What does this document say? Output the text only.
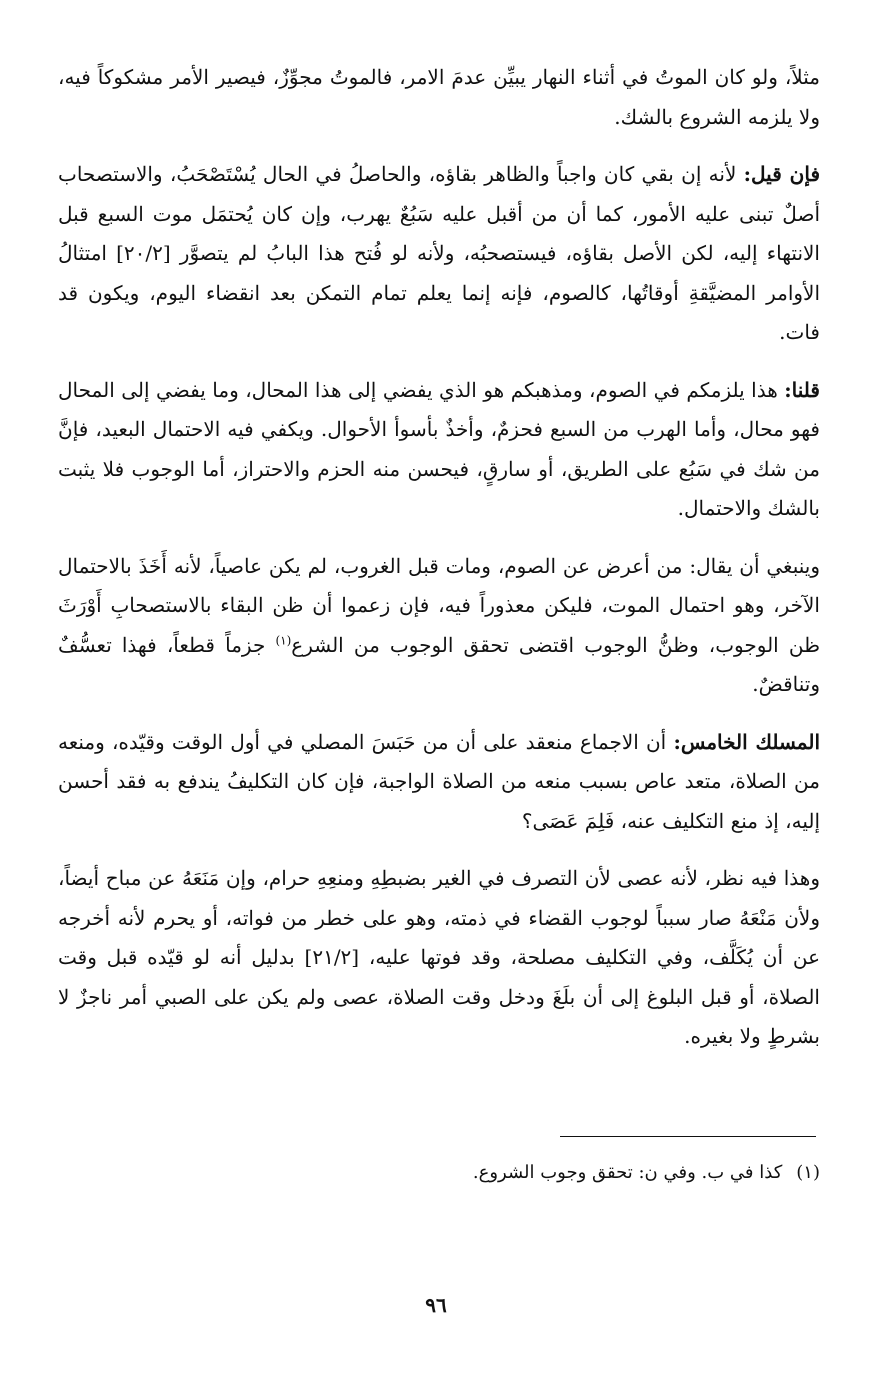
مثلاً، ولو كان الموتُ في أثناء النهار يبيِّن عدمَ الامر، فالموتُ مجوِّزٌ، فيصير الأمر مشكوكاً فيه، ولا يلزمه الشروع بالشك.

فإن قيل: لأنه إن بقي كان واجباً والظاهر بقاؤه، والحاصلُ في الحال يُسْتَصْحَبُ، والاستصحاب أصلٌ تبنى عليه الأمور، كما أن من أقبل عليه سَبُعٌ يهرب، وإن كان يُحتمَل موت السبع قبل الانتهاء إليه، لكن الأصل بقاؤه، فيستصحبُه، ولأنه لو فُتح هذا البابُ لم يتصوَّر [٢٠/٢] امتثالُ الأوامر المضيَّقةِ أوقاتُها، كالصوم، فإنه إنما يعلم تمام التمكن بعد انقضاء اليوم، ويكون قد فات.

قلنا: هذا يلزمكم في الصوم، ومذهبكم هو الذي يفضي إلى هذا المحال، وما يفضي إلى المحال فهو محال، وأما الهرب من السبع فحزمٌ، وأخذٌ بأسوأ الأحوال. ويكفي فيه الاحتمال البعيد، فإنَّ من شك في سَبُع على الطريق، أو سارقٍ، فيحسن منه الحزم والاحتراز، أما الوجوب فلا يثبت بالشك والاحتمال.

وينبغي أن يقال: من أعرض عن الصوم، ومات قبل الغروب، لم يكن عاصياً، لأنه أَخَذَ بالاحتمال الآخر، وهو احتمال الموت، فليكن معذوراً فيه، فإن زعموا أن ظن البقاء بالاستصحابِ أَوْرَثَ ظن الوجوب، وظنُّ الوجوب اقتضى تحقق الوجوب من الشرع$^{(١)}$ جزماً قطعاً، فهذا تعسُّفٌ وتناقضٌ.

المسلك الخامس: أن الاجماع منعقد على أن من حَبَسَ المصلي في أول الوقت وقيّده، ومنعه من الصلاة، متعد عاص بسبب منعه من الصلاة الواجبة، فإن كان التكليفُ يندفع به فقد أحسن إليه، إذ منع التكليف عنه، فَلِمَ عَصَى؟

وهذا فيه نظر، لأنه عصى لأن التصرف في الغير بضبطِهِ ومنعِهِ حرام، وإن مَنَعَهُ عن مباح أيضاً، ولأن مَنْعَهُ صار سبباً لوجوب القضاء في ذمته، وهو على خطر من فواته، أو يحرم لأنه أخرجه عن أن يُكَلَّف، وفي التكليف مصلحة، وقد فوتها عليه، [٢١/٢] بدليل أنه لو قيّده قبل وقت الصلاة، أو قبل البلوغ إلى أن بلَغَ ودخل وقت الصلاة، عصى ولم يكن على الصبي أمر ناجزٌ لا بشرطٍ ولا بغيره.

(١)كذا في ب. وفي ن: تحقق وجوب الشروع.
٩٦
